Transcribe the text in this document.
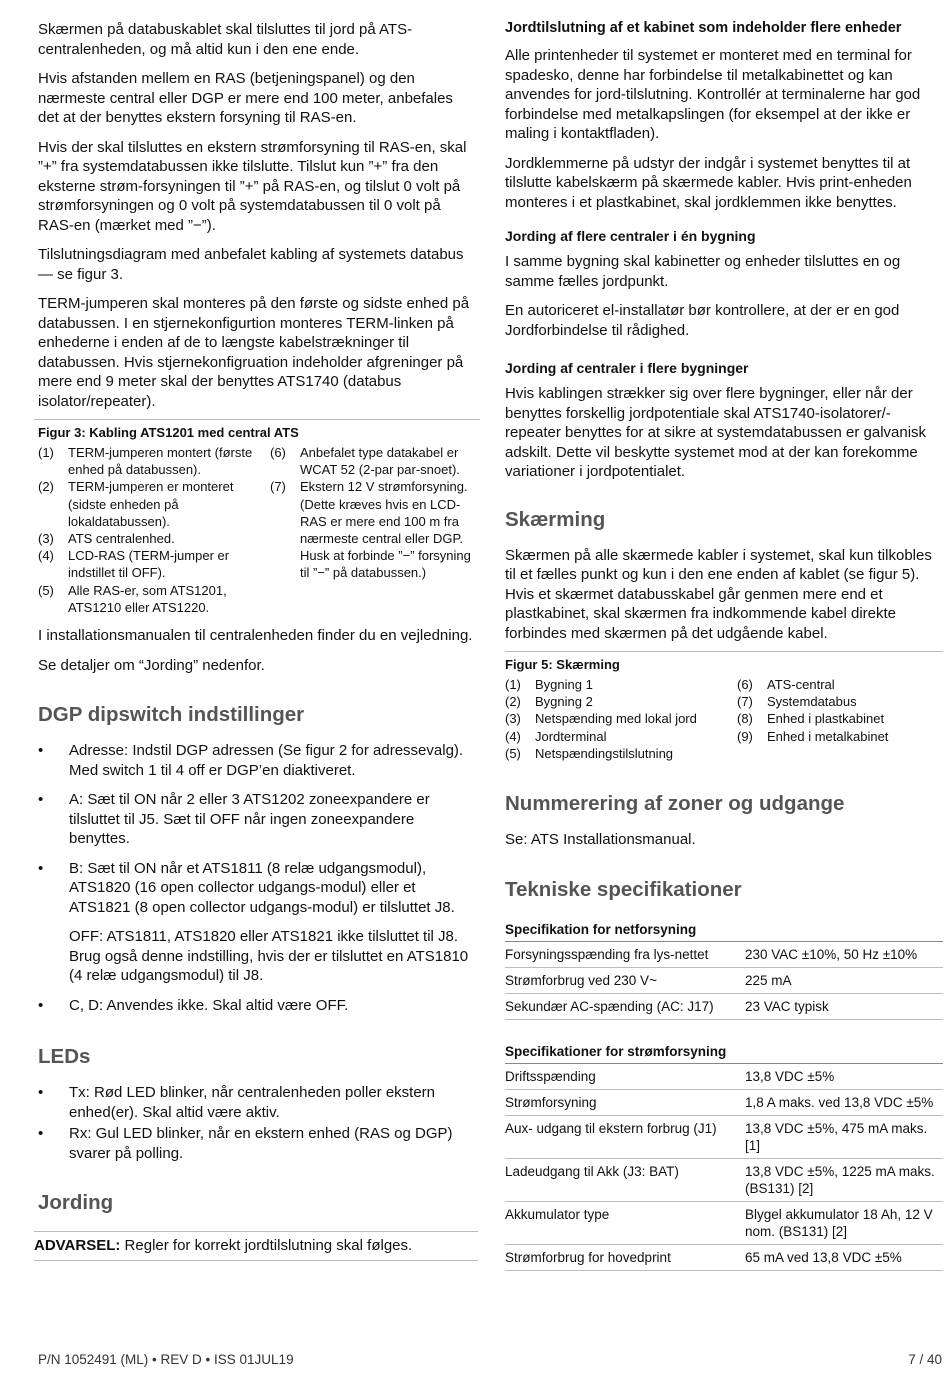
Skærmen på databuskablet skal tilsluttes til jord på ATS-centralenheden, og må altid kun i den ene ende.

Hvis afstanden mellem en RAS (betjeningspanel) og den nærmeste central eller DGP er mere end 100 meter, anbefales det at der benyttes ekstern forsyning til RAS-en.

Hvis der skal tilsluttes en ekstern strømforsyning til RAS-en, skal ”+” fra systemdatabussen ikke tilslutte. Tilslut kun ”+” fra den eksterne strøm-forsyningen til ”+” på RAS-en, og tilslut 0 volt på strømforsyningen og 0 volt på systemdatabussen til 0 volt på RAS-en (mærket med ”−”).

Tilslutningsdiagram med anbefalet kabling af systemets databus — se figur 3.

TERM-jumperen skal monteres på den første og sidste enhed på databussen. I en stjernekonfigurtion monteres TERM-linken på enhederne i enden af de to længste kabelstrækninger til databussen. Hvis stjernekonfigruation indeholder afgreninger på mere end 9 meter skal der benyttes ATS1740 (databus isolator/repeater).

Figur 3: Kabling ATS1201 med central ATS
(1)	TERM-jumperen montert (første enhed på databussen).
(2)	TERM-jumperen er monteret (sidste enheden på lokaldatabussen).
(3)	ATS centralenhed.
(4)	LCD-RAS (TERM-jumper er indstillet til OFF).
(5)	Alle RAS-er, som ATS1201, ATS1210 eller ATS1220.
(6)	Anbefalet type datakabel er WCAT 52 (2-par par-snoet).
(7)	Ekstern 12 V strømforsyning. (Dette kræves hvis en LCD-RAS er mere end 100 m fra nærmeste central eller DGP. Husk at forbinde ”−” forsyning til ”−” på databussen.)

I installationsmanualen til centralenheden finder du en vejledning.

Se detaljer om “Jording” nedenfor.

DGP dipswitch indstillinger
• Adresse: Indstil DGP adressen (Se figur 2 for adressevalg). Med switch 1 til 4 off er DGP’en diaktiveret.
• A: Sæt til ON når 2 eller 3 ATS1202 zoneexpandere er tilsluttet til J5. Sæt til OFF når ingen zoneexpandere benyttes.
• B: Sæt til ON når et ATS1811 (8 relæ udgangsmodul), ATS1820 (16 open collector udgangs-modul) eller et ATS1821 (8 open collector udgangs-modul) er tilsluttet J8.
OFF: ATS1811, ATS1820 eller ATS1821 ikke tilsluttet til J8. Brug også denne indstilling, hvis der er tilsluttet en ATS1810 (4 relæ udgangsmodul) til J8.
• C, D: Anvendes ikke. Skal altid være OFF.
LEDs
• Tx: Rød LED blinker, når centralenheden poller ekstern enhed(er). Skal altid være aktiv.
• Rx: Gul LED blinker, når en ekstern enhed (RAS og DGP) svarer på polling.
Jording
ADVARSEL: Regler for korrekt jordtilslutning skal følges.
Jordtilslutning af et kabinet som indeholder flere enheder

Alle printenheder til systemet er monteret med en terminal for spadesko, denne har forbindelse til metalkabinettet og kan anvendes for jord-tilslutning. Kontrollér at terminalerne har god forbindelse med metalkapslingen (for eksempel at der ikke er maling i kontaktfladen).

Jordklemmerne på udstyr der indgår i systemet benyttes til at tilslutte kabelskærm på skærmede kabler. Hvis print-enheden monteres i et plastkabinet, skal jordklemmen ikke benyttes.

Jording af flere centraler i én bygning

I samme bygning skal kabinetter og enheder tilsluttes en og samme fælles jordpunkt.

En autoriceret el-installatør bør kontrollere, at der er en god Jordforbindelse til rådighed.

Jording af centraler i flere bygninger

Hvis kablingen strækker sig over flere bygninger, eller når der benyttes forskellig jordpotentiale skal ATS1740-isolatorer/-repeater benyttes for at sikre at systemdatabussen er galvanisk adskilt. Dette vil beskytte systemet mod at der kan forekomme variationer i jordpotentialet.

Skærming

Skærmen på alle skærmede kabler i systemet, skal kun tilkobles til et fælles punkt og kun i den ene enden af kablet (se figur 5). Hvis et skærmet databusskabel går genmen mere end et plastkabinet, skal skærmen fra indkommende kabel direkte forbindes med skærmen på det udgående kabel.

Figur 5: Skærming
(1)	Bygning 1
(2)	Bygning 2
(3)	Netspænding med lokal jord
(4)	Jordterminal
(5)	Netspændingstilslutning
(6)	ATS-central
(7)	Systemdatabus
(8)	Enhed i plastkabinet
(9)	Enhed i metalkabinet
Nummerering af zoner og udgange

Se: ATS Installationsmanual.

Tekniske specifikationer
Specifikation for netforsyning
Forsyningsspænding fra lys-nettet	230 VAC ±10%, 50 Hz ±10%
Strømforbrug ved 230 V~	225 mA
Sekundær AC-spænding (AC: J17)	23 VAC typisk
Specifikationer for strømforsyning
Driftsspænding	13,8 VDC ±5%
Strømforsyning	1,8 A maks. ved 13,8 VDC ±5%
Aux- udgang til ekstern forbrug (J1)	13,8 VDC ±5%, 475 mA maks. [1]
Ladeudgang til Akk (J3: BAT)	13,8 VDC ±5%, 1225 mA maks. (BS131) [2]
Akkumulator type	Blygel akkumulator 18 Ah, 12 V nom. (BS131) [2]
Strømforbrug for hovedprint	65 mA ved 13,8 VDC ±5%
P/N 1052491 (ML) • REV D • ISS 01JUL19	7 / 40
